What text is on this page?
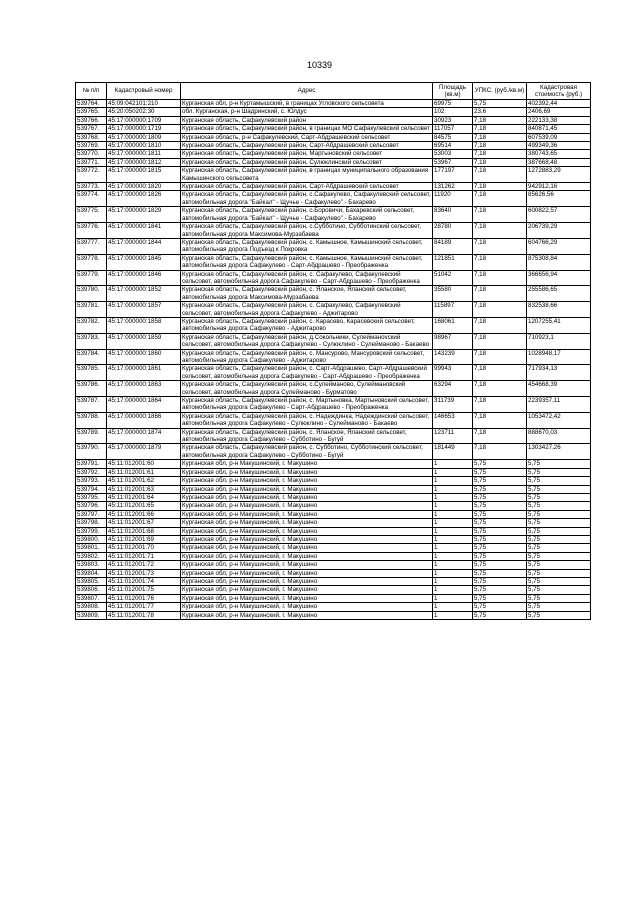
10339
№ п/п	Кадастровый номер	Адрес	Площадь (кв.м)	УПКС. (руб./кв.м)	Кадастровая стоимость (руб.)
539764.	45:09:042101:210	Курганская обл, р-н Куртамышский, в границах Угловского сельсовета	69975	5,75	402392,44
539765.	45:20:050202:30	обл. Курганская, р-н Шадринский, с. Юлдус	102	23,6	2406,69
539766.	45:17:000000:1709	Курганская область, Сафакулевский район	30923	7,18	222133,38
539767.	45:17:000000:1719	Курганская область, Сафакулевский район, в границах МО Сафакулевский сельсовет	117057	7,18	840871,45
539768.	45:17:000000:1809	Курганская область, р-н Сафакулевский, Сарт-Абдрашевский сельсовет	84575	7,18	607539,09
539769.	45:17:000000:1810	Курганская область, Сафакулевский район, Сарт-Абдрашевский сельсовет	69514	7,18	499349,36
539770.	45:17:000000:1811	Курганская область, Сафакулевский район, Мартыновский сельсовет	53003	7,18	380743,65
539771.	45:17:000000:1812	Курганская область, Сафакулевский район, Сулюклинский сельсовет	53967	7,18	387668,48
539772.	45:17:000000:1815	Курганская область, Сафакулевский район, в границах муниципального образования Камышинского сельсовета	177197	7,18	1272883,29
539773.	45:17:000000:1820	Курганская область, Сафакулевский район, Сарт-Абдрашевский сельсовет	131262	7,18	942912,16
539774.	45:17:000000:1826	Курганская область, Сафакулевский район, с.Сафакулево, Сафакулевский сельсовет, автомобильная дорога "Байкал" - Щучье - Сафакулево" - Бахарево	11920	7,18	85626,56
539775.	45:17:000000:1829	Курганская область, Сафакулевский район, с.Боровичи, Бахаревский сельсовет, автомобильная дорога "Байкал" - Щучье - Сафакулево" - Бахарево	83640	7,18	600822,57
539776.	45:17:000000:1841	Курганская область, Сафакулевский район, с.Субботино, Субботинский сельсовет, автомобильная дорога Максимова-Мурзабаева	28780	7,18	206739,29
539777.	45:17:000000:1844	Курганская область, Сафакулевский район, с. Камышное, Камышинский сельсовет, автомобильная дорога Подъезд к Покровка	84189	7,18	604766,29
539778.	45:17:000000:1845	Курганская область, Сафакулевский район, с. Камышное, Камышинский сельсовет, автомобильная дорога Сафакулево - Сарт-Абдрашево - Преображенка	121851	7,18	875308,84
539779.	45:17:000000:1846	Курганская область, Сафакулевский район, с. Сафакулево, Сафакулевский сельсовет, автомобильная дорога Сафакулево - Сарт-Абдрашево - Преображенка	51042	7,18	366656,94
539780.	45:17:000000:1852	Курганская область, Сафакулевский район, с. Яланское, Яланский сельсовет, автомобильная дорога Максимова-Мурзабаева	35580	7,18	255586,65
539781.	45:17:000000:1857	Курганская область, Сафакулевский район, с. Сафакулево, Сафакулевский сельсовет, автомобильная дорога Сафакулево - Аджитарово	115897	7,18	832538,66
539782.	45:17:000000:1858	Курганская область, Сафакулевский район, с. Карасево, Карасевский сельсовет, автомобильная дорога Сафакулево - Аджитарово	168061	7,18	1207255,41
539783.	45:17:000000:1859	Курганская область, Сафакулевский район, д.Сокольники, Сулейманovский сельсовет, автомобильная дорога Сафакулево - Сулюклино - Сулейманово - Бакаево	98967	7,18	710923,1
539784.	45:17:000000:1860	Курганская область, Сафакулевский район, с. Мансурово, Мансуровский сельсовет, автомобильная дорога Сафакулево - Аджитарово	143239	7,18	1028948,17
539785.	45:17:000000:1861	Курганская область, Сафакулевский район, с. Сарт-Абдрашево, Сарт-Абдрашевский сельсовет, автомобильная дорога Сафакулево - Сарт-Абдрашево - Преображенка	99943	7,18	717934,13
539786.	45:17:000000:1863	Курганская область, Сафакулевский район, с.Сулейманово, Сулеймановский сельсовет, автомобильная дорога Сулейманово - Бурматово	63294	7,18	454668,39
539787.	45:17:000000:1864	Курганская область, Сафакулевский район, с. Мартыновка, Мартыновский сельсовет, автомобильная дорога Сафакулево - Сарт-Абдрашево - Преображенка	311739	7,18	2239357,11
539788.	45:17:000000:1866	Курганская область, Сафакулевский район, с. Надеждинка, Надеждинский сельсовет, автомобильная дорога Сафакулево - Сулюклино - Сулейманово - Бакаево	146653	7,18	1053472,42
539789.	45:17:000000:1874	Курганская область, Сафакулевский район, с. Яланское, Яланский сельсовет, автомобильная дорога Сафакулево - Субботино - Бугуй	123711	7,18	888670,03
539790.	45:17:000000:1879	Курганская область, Сафакулевский район, с. Субботино, Субботинский сельсовет, автомобильная дорога Сафакулево - Субботино - Бугуй	181449	7,18	1303427,26
539791.	45:11:012001:60	Курганская обл, р-н Макушинский, г. Макушино	1	5,75	5,75
539792.	45:11:012001:61	Курганская обл, р-н Макушинский, г. Макушино	1	5,75	5,75
539793.	45:11:012001:62	Курганская обл, р-н Макушинский, г. Макушино	1	5,75	5,75
539794.	45:11:012001:63	Курганская обл, р-н Макушинский, г. Макушино	1	5,75	5,75
539795.	45:11:012001:64	Курганская обл, р-н Макушинский, г. Макушино	1	5,75	5,75
539796.	45:11:012001:65	Курганская обл, р-н Макушинский, г. Макушино	1	5,75	5,75
539797.	45:11:012001:66	Курганская обл, р-н Макушинский, г. Макушино	1	5,75	5,75
539798.	45:11:012001:67	Курганская обл, р-н Макушинский, г. Макушино	1	5,75	5,75
539799.	45:11:012001:68	Курганская обл, р-н Макушинский, г. Макушино	1	5,75	5,75
539800.	45:11:012001:69	Курганская обл, р-н Макушинский, г. Макушино	1	5,75	5,75
539801.	45:11:012001:70	Курганская обл, р-н Макушинский, г. Макушино	1	5,75	5,75
539802.	45:11:012001:71	Курганская обл, р-н Макушинский, г. Макушино	1	5,75	5,75
539803.	45:11:012001:72	Курганская обл, р-н Макушинский, г. Макушино	1	5,75	5,75
539804.	45:11:012001:73	Курганская обл, р-н Макушинский, г. Макушино	1	5,75	5,75
539805.	45:11:012001:74	Курганская обл, р-н Макушинский, г. Макушино	1	5,75	5,75
539806.	45:11:012001:75	Курганская обл, р-н Макушинский, г. Макушино	1	5,75	5,75
539807.	45:11:012001:76	Курганская обл, р-н Макушинский, г. Макушино	1	5,75	5,75
539808.	45:11:012001:77	Курганская обл, р-н Макушинский, г. Макушино	1	5,75	5,75
539809.	45:11:012001:78	Курганская обл, р-н Макушинский, г. Макушино	1	5,75	5,75
